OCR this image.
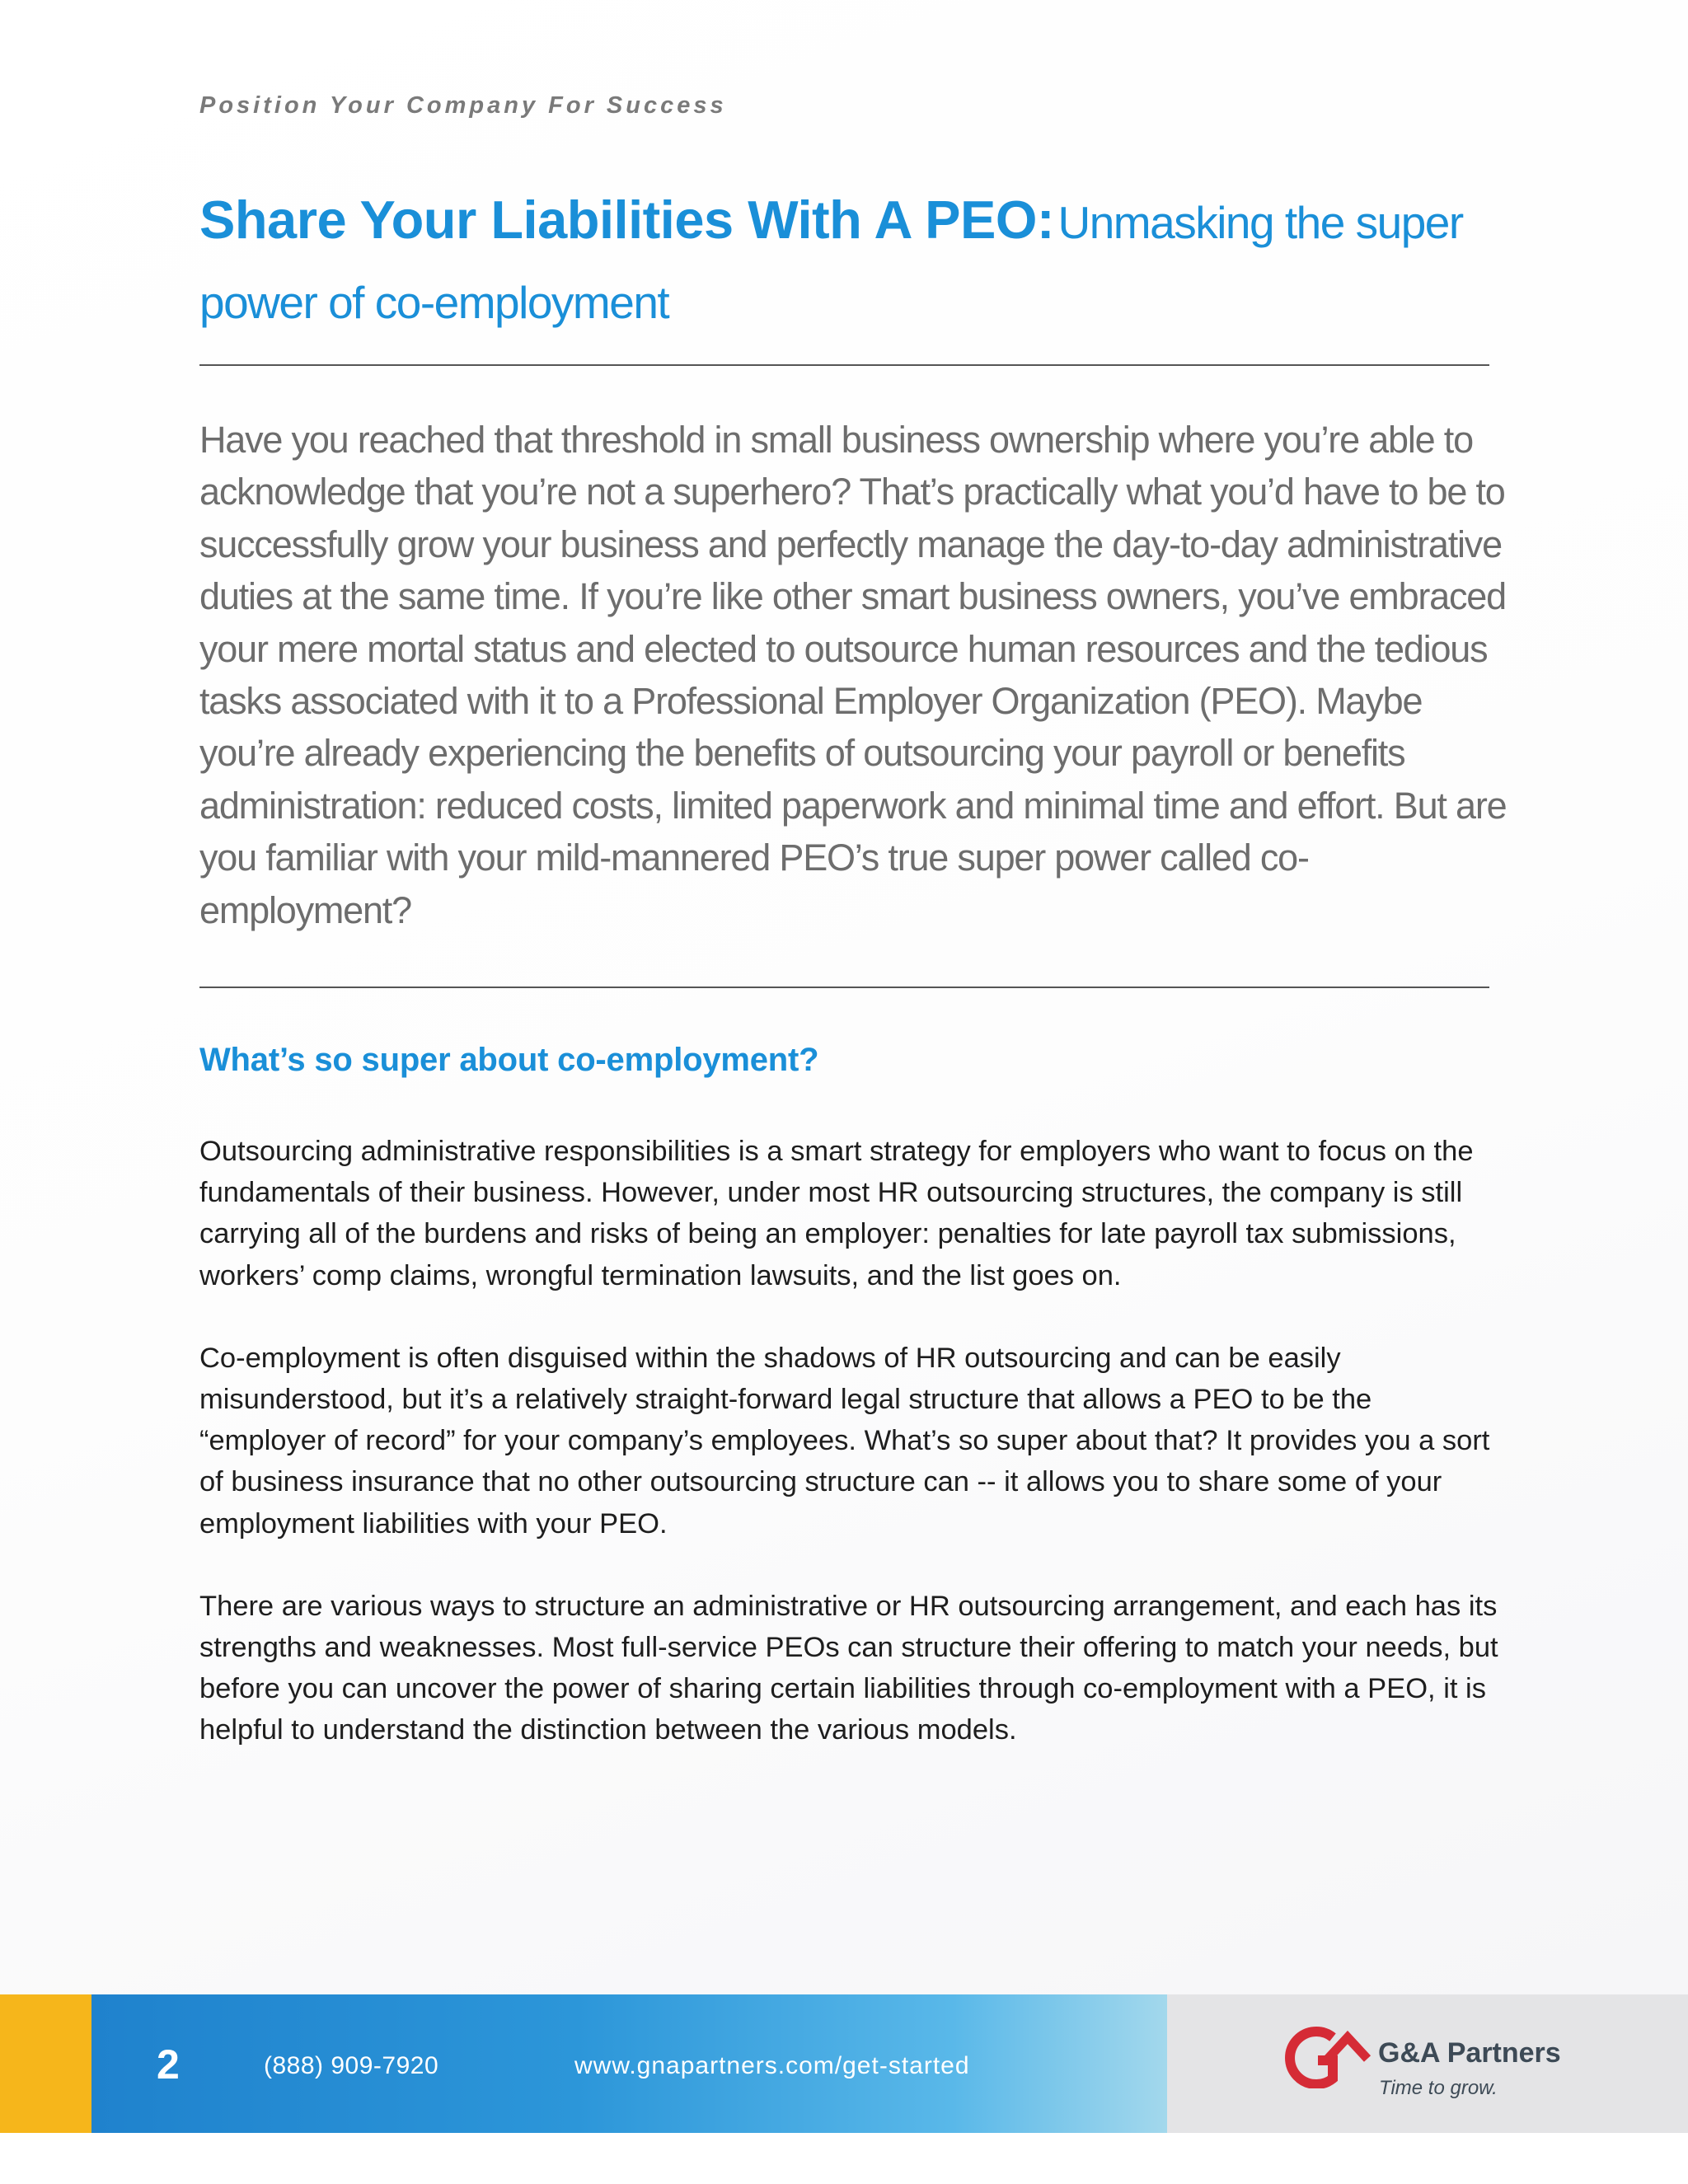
Position Your Company For Success
Share Your Liabilities With A PEO: Unmasking the super power of co-employment

Have you reached that threshold in small business ownership where you’re able to acknowledge that you’re not a superhero? That’s practically what you’d have to be to successfully grow your business and perfectly manage the day-to-day administrative duties at the same time. If you’re like other smart business owners, you’ve embraced your mere mortal status and elected to outsource human resources and the tedious tasks associated with it to a Professional Employer Organization (PEO). Maybe you’re already experiencing the benefits of outsourcing your payroll or benefits administration: reduced costs, limited paperwork and minimal time and effort. But are you familiar with your mild-mannered PEO’s true super power called co-employment?

What’s so super about co-employment?

Outsourcing administrative responsibilities is a smart strategy for employers who want to focus on the fundamentals of their business. However, under most HR outsourcing structures, the company is still carrying all of the burdens and risks of being an employer: penalties for late payroll tax submissions, workers’ comp claims, wrongful termination lawsuits, and the list goes on.

Co-employment is often disguised within the shadows of HR outsourcing and can be easily misunderstood, but it’s a relatively straight-forward legal structure that allows a PEO to be the “employer of record” for your company’s employees. What’s so super about that? It provides you a sort of business insurance that no other outsourcing structure can -- it allows you to share some of your employment liabilities with your PEO.

There are various ways to structure an administrative or HR outsourcing arrangement, and each has its strengths and weaknesses. Most full-service PEOs can structure their offering to match your needs, but before you can uncover the power of sharing certain liabilities through co-employment with a PEO, it is helpful to understand the distinction between the various models.

2	(888) 909-7920	www.gnapartners.com/get-started	G&A Partners
Time to grow.
